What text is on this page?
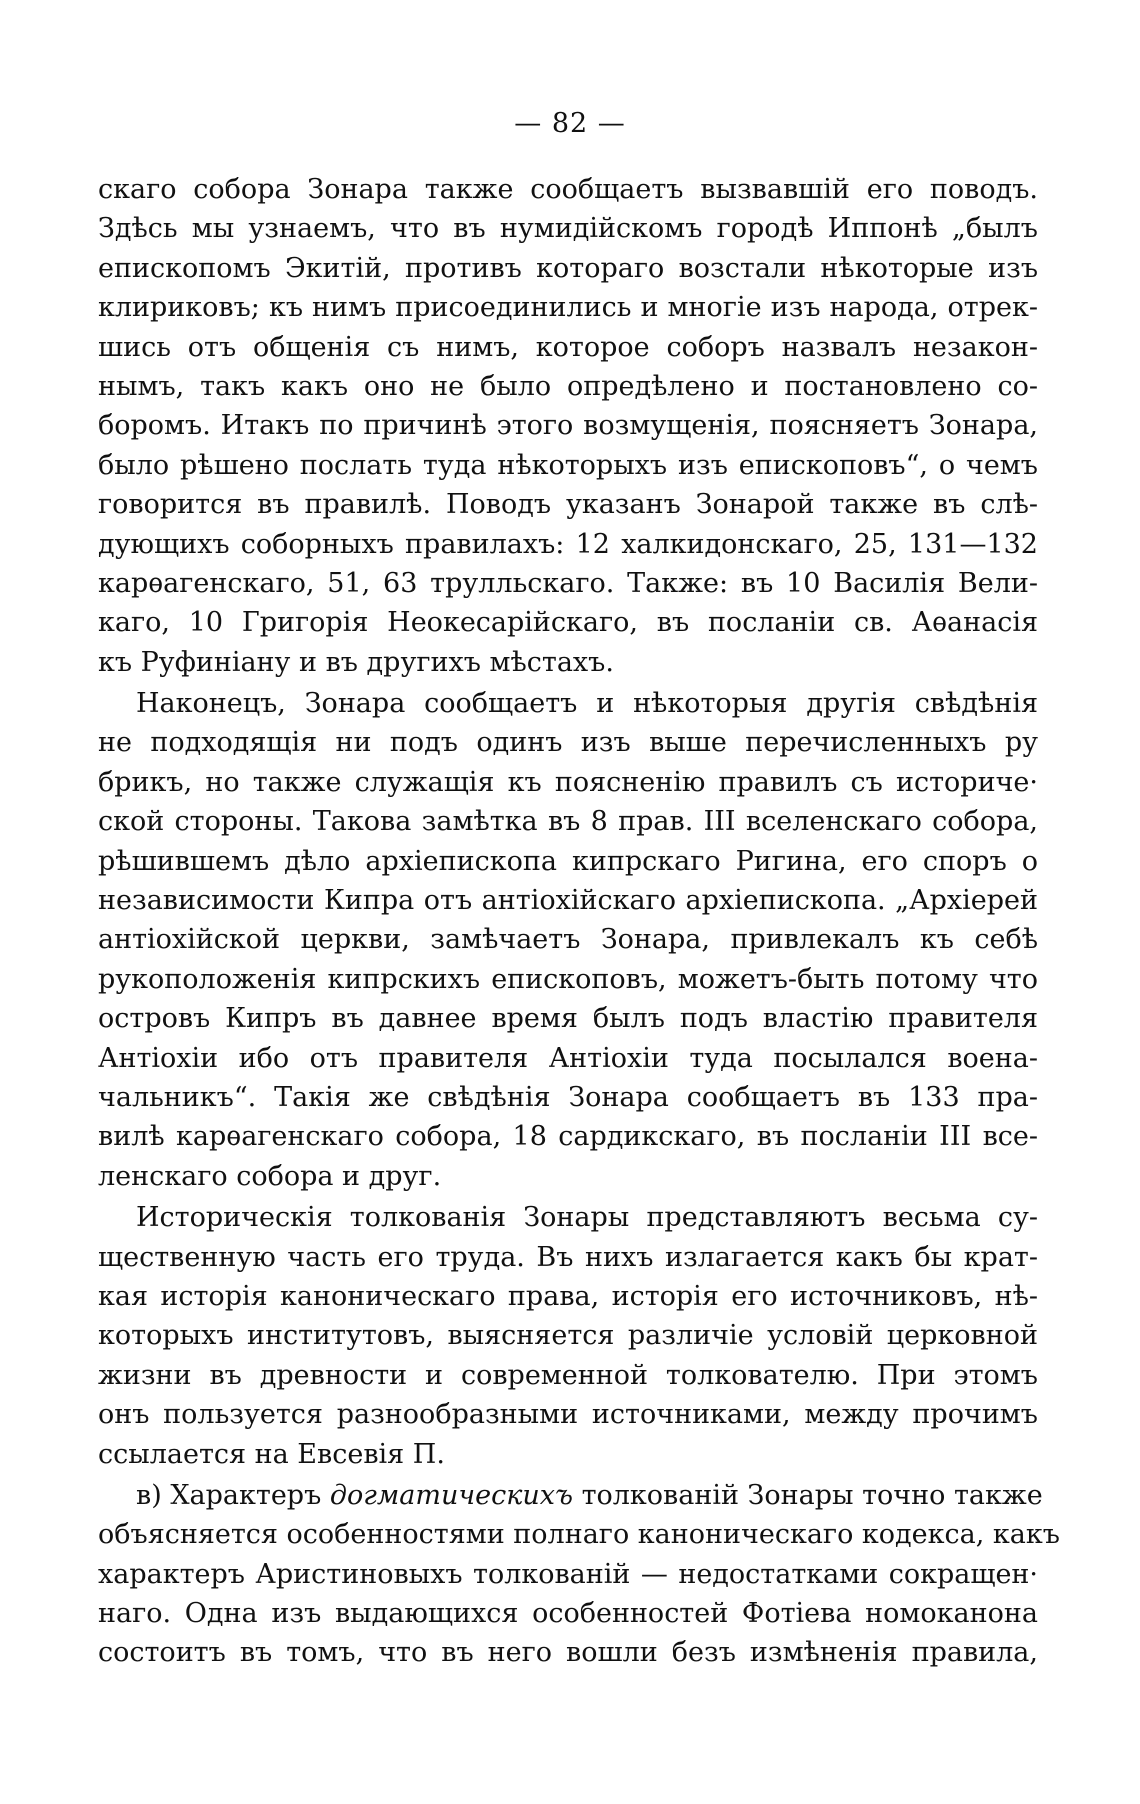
— 82 —
скаго собора Зонара также сообщаетъ вызвавшій его поводъ.
Здѣсь мы узнаемъ, что въ нумидійскомъ городѣ Иппонѣ „былъ
епископомъ Экитій, противъ котораго возстали нѣкоторые изъ
клириковъ; къ нимъ присоединились и многіе изъ народа, отрек-
шись отъ общенія съ нимъ, которое соборъ назвалъ незакон-
нымъ, такъ какъ оно не было опредѣлено и постановлено со-
боромъ. Итакъ по причинѣ этого возмущенія, поясняетъ Зонара,
было рѣшено послать туда нѣкоторыхъ изъ епископовъ“, о чемъ
говорится въ правилѣ. Поводъ указанъ Зонарой также въ слѣ-
дующихъ соборныхъ правилахъ: 12 халкидонскаго, 25, 131—132
карѳагенскаго, 51, 63 трулльскаго. Также: въ 10 Василія Вели-
каго, 10 Григорія Неокесарійскаго, въ посланіи св. Аѳанасія
къ Руфиніану и въ другихъ мѣстахъ.
Наконецъ, Зонара сообщаетъ и нѣкоторыя другія свѣдѣнія
не подходящія ни подъ одинъ изъ выше перечисленныхъ ру
брикъ, но также служащія къ поясненію правилъ съ историче·
ской стороны. Такова замѣтка въ 8 прав. III вселенскаго собора,
рѣшившемъ дѣло архіепископа кипрскаго Ригина, его споръ о
независимости Кипра отъ антіохійскаго архіепископа. „Архіерей
антіохійской церкви, замѣчаетъ Зонара, привлекалъ къ себѣ
рукоположенія кипрскихъ епископовъ, можетъ-быть потому что
островъ Кипръ въ давнее время былъ подъ властію правителя
Антіохіи ибо отъ правителя Антіохіи туда посылался воена-
чальникъ“. Такія же свѣдѣнія Зонара сообщаетъ въ 133 пра-
вилѣ карѳагенскаго собора, 18 сардикскаго, въ посланіи III все-
ленскаго собора и друг.
Историческія толкованія Зонары представляютъ весьма су-
щественную часть его труда. Въ нихъ излагается какъ бы крат-
кая исторія каноническаго права, исторія его источниковъ, нѣ-
которыхъ институтовъ, выясняется различіе условій церковной
жизни въ древности и современной толкователю. При этомъ
онъ пользуется разнообразными источниками, между прочимъ
ссылается на Евсевія П.
в) Характеръ догматическихъ толкованій Зонары точно также
объясняется особенностями полнаго каноническаго кодекса, какъ
характеръ Аристиновыхъ толкованій — недостатками сокращен·
наго. Одна изъ выдающихся особенностей Фотіева номоканона
состоитъ въ томъ, что въ него вошли безъ измѣненія правила,
